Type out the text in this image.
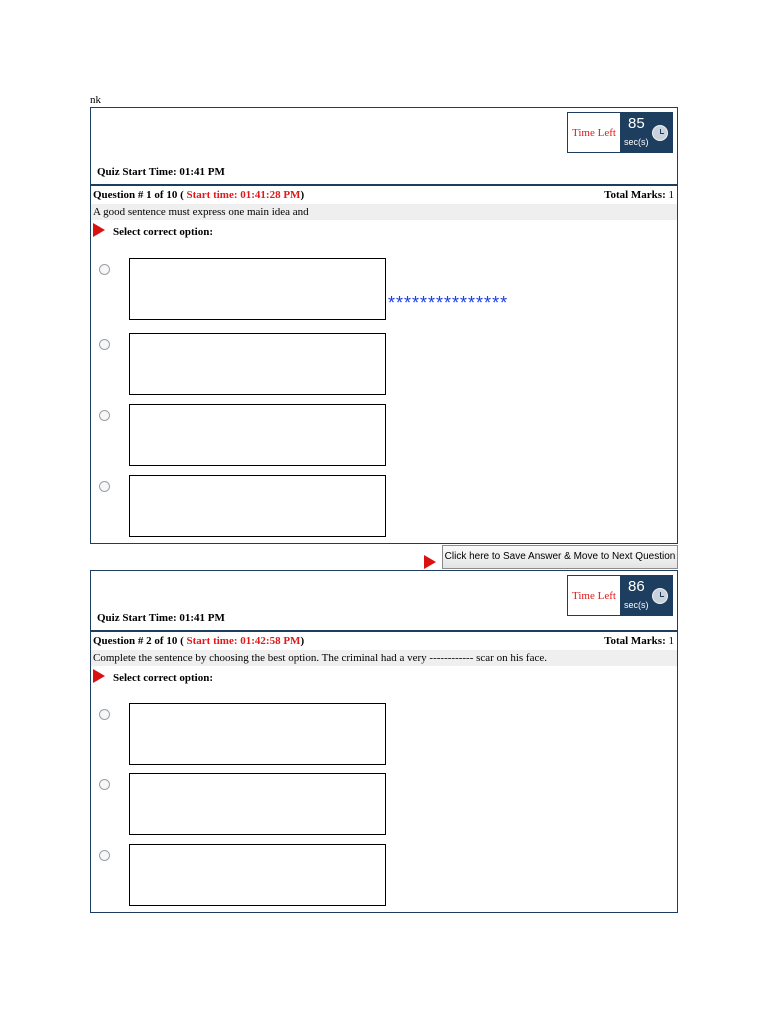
nk
Time Left
85
sec(s)
Quiz Start Time: 01:41 PM
Question # 1 of 10 ( Start time: 01:41:28 PM)	Total Marks: 1
A good sentence must express one main idea and
Select correct option:
***************
Click here to Save Answer & Move to Next Question
Time Left
86
sec(s)
Quiz Start Time: 01:41 PM
Question # 2 of 10 ( Start time: 01:42:58 PM)	Total Marks: 1
Complete the sentence by choosing the best option. The criminal had a very ------------ scar on his face.
Select correct option:
